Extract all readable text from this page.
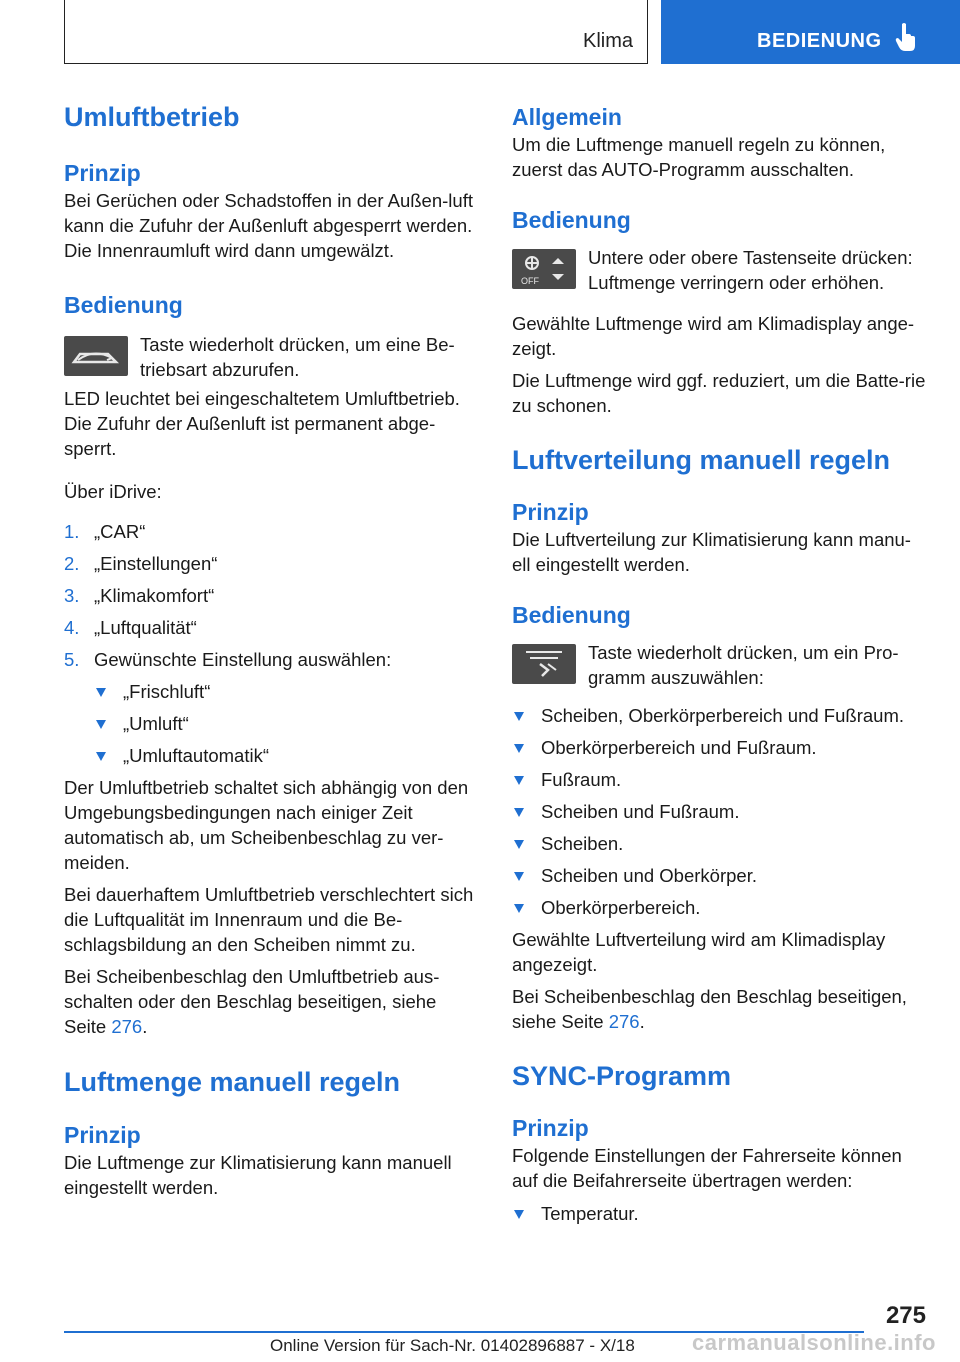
Klima	BEDIENUNG
Umluftbetrieb
Prinzip

Bei Gerüchen oder Schadstoffen in der Außen-luft kann die Zufuhr der Außenluft abgesperrt werden. Die Innenraumluft wird dann umgewälzt.

Bedienung

Taste wiederholt drücken, um eine Be-triebsart abzurufen.

LED leuchtet bei eingeschaltetem Umluftbetrieb. Die Zufuhr der Außenluft ist permanent abge-sperrt.

Über iDrive:

1. „CAR“
2. „Einstellungen“
3. „Klimakomfort“
4. „Luftqualität“
5. Gewünschte Einstellung auswählen:
„Frischluft“
„Umluft“
„Umluftautomatik“

Der Umluftbetrieb schaltet sich abhängig von den Umgebungsbedingungen nach einiger Zeit automatisch ab, um Scheibenbeschlag zu ver-meiden.

Bei dauerhaftem Umluftbetrieb verschlechtert sich die Luftqualität im Innenraum und die Be-schlagsbildung an den Scheiben nimmt zu.

Bei Scheibenbeschlag den Umluftbetrieb aus-schalten oder den Beschlag beseitigen, siehe Seite 276.

Luftmenge manuell regeln
Prinzip

Die Luftmenge zur Klimatisierung kann manuell eingestellt werden.

Allgemein

Um die Luftmenge manuell regeln zu können, zuerst das AUTO-Programm ausschalten.

Bedienung
OFF

Untere oder obere Tastenseite drücken: Luftmenge verringern oder erhöhen.

Gewählte Luftmenge wird am Klimadisplay ange-zeigt.

Die Luftmenge wird ggf. reduziert, um die Batte-rie zu schonen.

Luftverteilung manuell regeln
Prinzip

Die Luftverteilung zur Klimatisierung kann manu-ell eingestellt werden.

Bedienung

Taste wiederholt drücken, um ein Pro-gramm auszuwählen:

Scheiben, Oberkörperbereich und Fußraum.
Oberkörperbereich und Fußraum.
Fußraum.
Scheiben und Fußraum.
Scheiben.
Scheiben und Oberkörper.
Oberkörperbereich.

Gewählte Luftverteilung wird am Klimadisplay angezeigt.

Bei Scheibenbeschlag den Beschlag beseitigen, siehe Seite 276.

SYNC-Programm
Prinzip

Folgende Einstellungen der Fahrerseite können auf die Beifahrerseite übertragen werden:

Temperatur.
275
Online Version für Sach-Nr. 01402896887 - X/18	carmanualsonline.info
